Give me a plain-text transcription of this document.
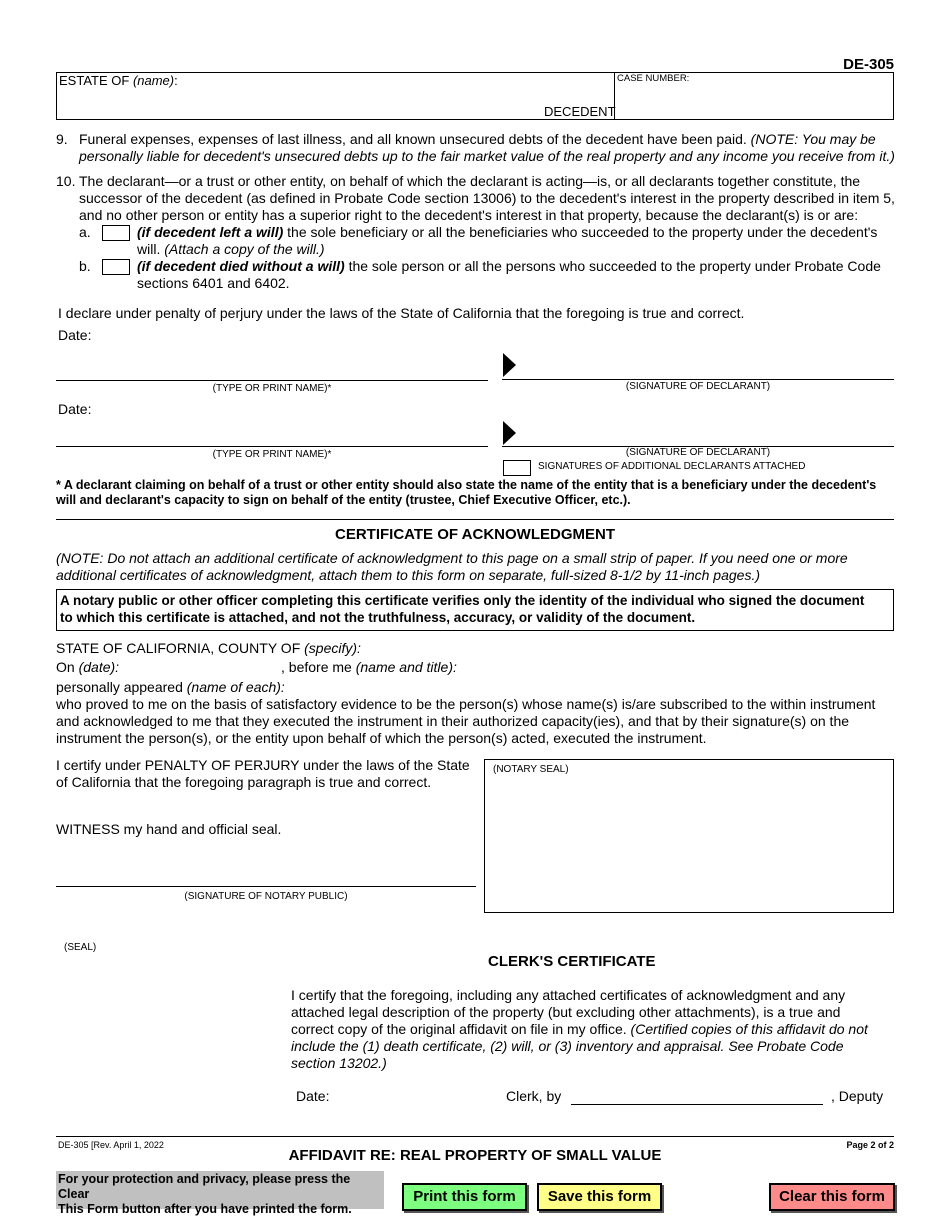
DE-305
ESTATE OF (name):
DECEDENT
CASE NUMBER:
9. Funeral expenses, expenses of last illness, and all known unsecured debts of the decedent have been paid. (NOTE: You may be
personally liable for decedent's unsecured debts up to the fair market value of the real property and any income you receive from it.)
10. The declarant—or a trust or other entity, on behalf of which the declarant is acting—is, or all declarants together constitute, the
successor of the decedent (as defined in Probate Code section 13006) to the decedent's interest in the property described in item 5,
and no other person or entity has a superior right to the decedent's interest in that property, because the declarant(s) is or are:
a.	(if decedent left a will) the sole beneficiary or all the beneficiaries who succeeded to the property under the decedent's
will. (Attach a copy of the will.)
b.	(if decedent died without a will) the sole person or all the persons who succeeded to the property under Probate Code
sections 6401 and 6402.
I declare under penalty of perjury under the laws of the State of California that the foregoing is true and correct.
Date:
(TYPE OR PRINT NAME)*	(SIGNATURE OF DECLARANT)
Date:
(TYPE OR PRINT NAME)*	(SIGNATURE OF DECLARANT)
SIGNATURES OF ADDITIONAL DECLARANTS ATTACHED
* A declarant claiming on behalf of a trust or other entity should also state the name of the entity that is a beneficiary under the decedent's
will and declarant's capacity to sign on behalf of the entity (trustee, Chief Executive Officer, etc.).
CERTIFICATE OF ACKNOWLEDGMENT
(NOTE: Do not attach an additional certificate of acknowledgment to this page on a small strip of paper. If you need one or more
additional certificates of acknowledgment, attach them to this form on separate, full-sized 8-1/2 by 11-inch pages.)
A notary public or other officer completing this certificate verifies only the identity of the individual who signed the document
to which this certificate is attached, and not the truthfulness, accuracy, or validity of the document.
STATE OF CALIFORNIA, COUNTY OF (specify):
On (date):	, before me (name and title):
personally appeared (name of each):
who proved to me on the basis of satisfactory evidence to be the person(s) whose name(s) is/are subscribed to the within instrument
and acknowledged to me that they executed the instrument in their authorized capacity(ies), and that by their signature(s) on the
instrument the person(s), or the entity upon behalf of which the person(s) acted, executed the instrument.
I certify under PENALTY OF PERJURY under the laws of the State
of California that the foregoing paragraph is true and correct.
WITNESS my hand and official seal.
(SIGNATURE OF NOTARY PUBLIC)
(NOTARY SEAL)
(SEAL)
CLERK'S CERTIFICATE
I certify that the foregoing, including any attached certificates of acknowledgment and any
attached legal description of the property (but excluding other attachments), is a true and
correct copy of the original affidavit on file in my office. (Certified copies of this affidavit do not
include the (1) death certificate, (2) will, or (3) inventory and appraisal. See Probate Code
section 13202.)
Date:	Clerk, by	, Deputy
DE-305 [Rev. April 1, 2022
AFFIDAVIT RE: REAL PROPERTY OF SMALL VALUE
Page 2 of 2
For your protection and privacy, please press the Clear
This Form button after you have printed the form.
Print this form	Save this form	Clear this form
